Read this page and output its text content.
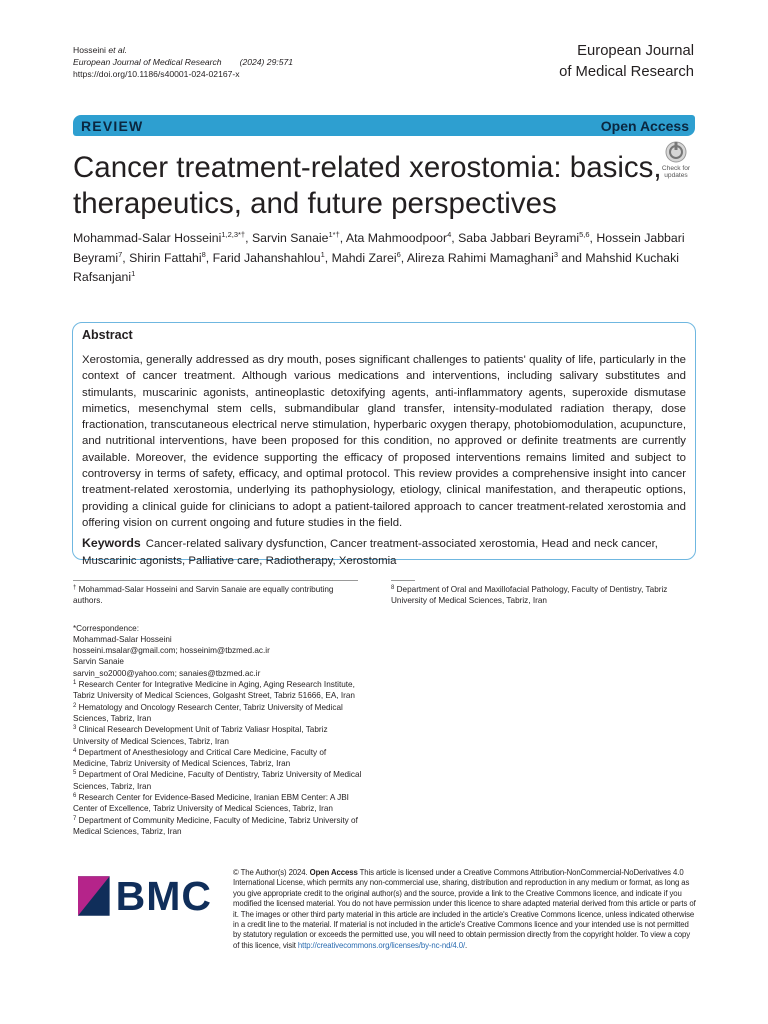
Hosseini et al.
European Journal of Medical Research (2024) 29:571
https://doi.org/10.1186/s40001-024-02167-x
European Journal
of Medical Research
REVIEW	Open Access
Cancer treatment-related xerostomia: basics, therapeutics, and future perspectives
Check for
updates
Mohammad-Salar Hosseini$^{1,2,3*\dagger}$, Sarvin Sanaie$^{1*\dagger}$, Ata Mahmoodpoor$^4$, Saba Jabbari Beyrami$^{5,6}$, Hossein Jabbari Beyrami$^7$, Shirin Fattahi$^8$, Farid Jahanshahlou$^1$, Mahdi Zarei$^6$, Alireza Rahimi Mamaghani$^3$ and Mahshid Kuchaki Rafsanjani$^1$
Abstract

Xerostomia, generally addressed as dry mouth, poses significant challenges to patients' quality of life, particularly in the context of cancer treatment. Although various medications and interventions, including salivary substitutes and stimulants, muscarinic agonists, antineoplastic detoxifying agents, anti-inflammatory agents, superoxide dismutase mimetics, mesenchymal stem cells, submandibular gland transfer, intensity-modulated radiation therapy, dose fractionation, transcutaneous electrical nerve stimulation, hyperbaric oxygen therapy, photobiomodulation, acupuncture, and nutritional interventions, have been proposed for this condition, no approved or definite treatments are currently available. Moreover, the evidence supporting the efficacy of proposed interventions remains limited and subject to controversy in terms of safety, efficacy, and optimal protocol. This review provides a comprehensive insight into cancer treatment-related xerostomia, underlying its pathophysiology, etiology, clinical manifestation, and therapeutic options, providing a clinical guide for clinicians to adopt a patient-tailored approach to cancer treatment-related xerostomia and offering vision on current ongoing and future studies in the field.

Keywords Cancer-related salivary dysfunction, Cancer treatment-associated xerostomia, Head and neck cancer, Muscarinic agonists, Palliative care, Radiotherapy, Xerostomia

† Mohammad-Salar Hosseini and Sarvin Sanaie are equally contributing authors.

*Correspondence:

Mohammad-Salar Hosseini

hosseini.msalar@gmail.com; hosseinim@tbzmed.ac.ir

Sarvin Sanaie

sarvin_so2000@yahoo.com; sanaies@tbzmed.ac.ir

$^1$ Research Center for Integrative Medicine in Aging, Aging Research Institute, Tabriz University of Medical Sciences, Golgasht Street, Tabriz 51666, EA, Iran

$^2$ Hematology and Oncology Research Center, Tabriz University of Medical Sciences, Tabriz, Iran

$^3$ Clinical Research Development Unit of Tabriz Valiasr Hospital, Tabriz University of Medical Sciences, Tabriz, Iran

$^4$ Department of Anesthesiology and Critical Care Medicine, Faculty of Medicine, Tabriz University of Medical Sciences, Tabriz, Iran

$^5$ Department of Oral Medicine, Faculty of Dentistry, Tabriz University of Medical Sciences, Tabriz, Iran

$^6$ Research Center for Evidence-Based Medicine, Iranian EBM Center: A JBI Center of Excellence, Tabriz University of Medical Sciences, Tabriz, Iran

$^7$ Department of Community Medicine, Faculty of Medicine, Tabriz University of Medical Sciences, Tabriz, Iran

$^8$ Department of Oral and Maxillofacial Pathology, Faculty of Dentistry, Tabriz University of Medical Sciences, Tabriz, Iran

BMC	© The Author(s) 2024. Open Access This article is licensed under a Creative Commons Attribution-NonCommercial-NoDerivatives 4.0 International License, which permits any non-commercial use, sharing, distribution and reproduction in any medium or format, as long as you give appropriate credit to the original author(s) and the source, provide a link to the Creative Commons licence, and indicate if you modified the licensed material. You do not have permission under this licence to share adapted material derived from this article or parts of it. The images or other third party material in this article are included in the article's Creative Commons licence, unless indicated otherwise in a credit line to the material. If material is not included in the article's Creative Commons licence and your intended use is not permitted by statutory regulation or exceeds the permitted use, you will need to obtain permission directly from the copyright holder. To view a copy of this licence, visit http://creativecommons.org/licenses/by-nc-nd/4.0/.
